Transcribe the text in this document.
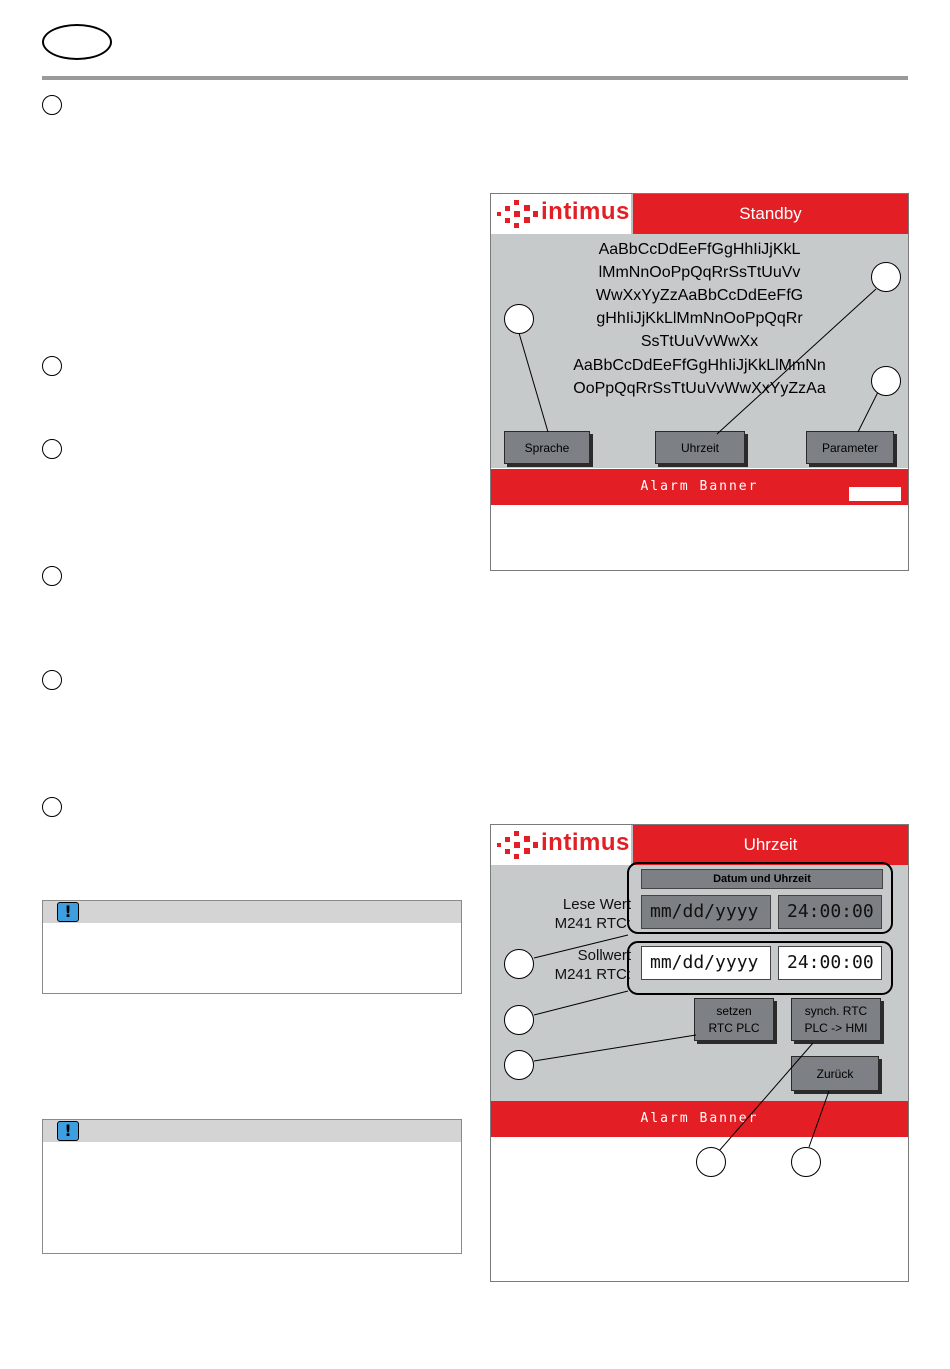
!
!
intimus	Standby
AaBbCcDdEeFfGgHhIiJjKkL
lMmNnOoPpQqRrSsTtUuVv
WwXxYyZzAaBbCcDdEeFfG
gHhIiJjKkLlMmNnOoPpQqRr
SsTtUuVvWwXx
AaBbCcDdEeFfGgHhIiJjKkLlMmNn
OoPpQqRrSsTtUuVvWwXxYyZzAa
Sprache	Uhrzeit	Parameter
Alarm Banner
intimus	Uhrzeit
Datum und Uhrzeit
Lese Wert
M241 RTC:
mm/dd/yyyy	24:00:00
Sollwert
M241 RTC:
mm/dd/yyyy	24:00:00
setzen
RTC PLC
synch. RTC
PLC -> HMI
Zurück
Alarm Banner
